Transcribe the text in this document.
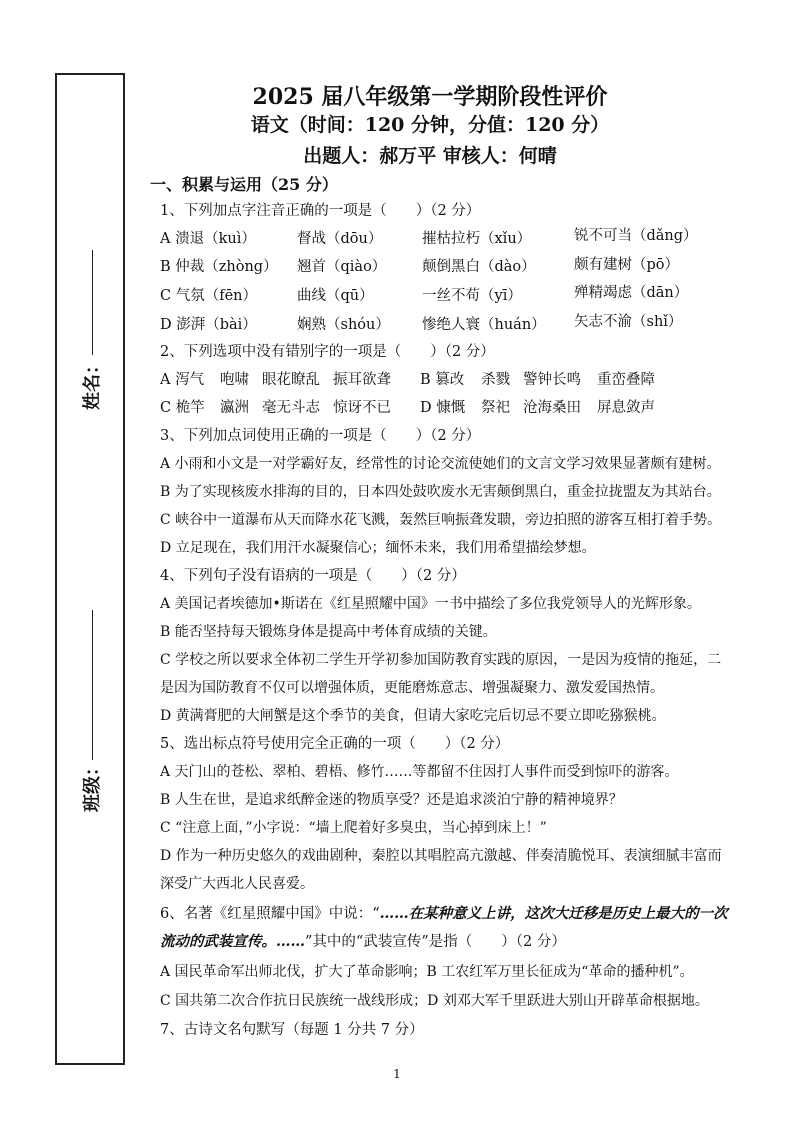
姓名：
班级：
2025 届八年级第一学期阶段性评价
语文（时间：120 分钟，分值：120 分）
出题人：郝万平 审核人：何晴
一、积累与运用（25 分）
1、下列加点字注音正确的一项是（　　）（2 分）
A 溃退（kuì）	督战（dōu）	摧枯拉朽（xǐu）	锐不可当（dǎng）
B 仲裁（zhòng） 翘首（qiào） 颠倒黑白（dào）	颇有建树（pō）
C 气氛（fēn）	曲线（qū）	一丝不苟（yī）	殚精竭虑（dān）
D 澎湃（bài）	娴熟（shóu） 惨绝人寰（huán） 矢志不渝（shǐ）
2、下列选项中没有错别字的一项是（　　）（2 分）
A 泻气 咆啸 眼花瞭乱 振耳欲聋 B 篡改 杀戮 警钟长鸣 重峦叠障
C 桅竿 瀛洲 毫无斗志 惊讶不已 D 慷慨 祭祀 沧海桑田 屏息敛声
3、下列加点词使用正确的一项是（　　）（2 分）
A 小雨和小文是一对学霸好友，经常性的讨论交流使她们的文言文学习效果显著颇有建树。
B 为了实现核废水排海的目的，日本四处鼓吹废水无害颠倒黑白，重金拉拢盟友为其站台。
C 峡谷中一道瀑布从天而降水花飞溅，轰然巨响振聋发聩，旁边拍照的游客互相打着手势。
D 立足现在，我们用汗水凝聚信心；缅怀未来，我们用希望描绘梦想。
4、下列句子没有语病的一项是（　　）（2 分）
A 美国记者埃德加•斯诺在《红星照耀中国》一书中描绘了多位我党领导人的光辉形象。
B 能否坚持每天锻炼身体是提高中考体育成绩的关键。
C 学校之所以要求全体初二学生开学初参加国防教育实践的原因，一是因为疫情的拖延，二
是因为国防教育不仅可以增强体质，更能磨炼意志、增强凝聚力、激发爱国热情。
D 黄满膏肥的大闸蟹是这个季节的美食，但请大家吃完后切忌不要立即吃猕猴桃。
5、选出标点符号使用完全正确的一项（　　）（2 分）
A 天门山的苍松、翠柏、碧梧、修竹……等都留不住因打人事件而受到惊吓的游客。
B 人生在世，是追求纸醉金迷的物质享受？还是追求淡泊宁静的精神境界？
C “注意上面，”小字说：“墙上爬着好多臭虫，当心掉到床上！”
D 作为一种历史悠久的戏曲剧种，秦腔以其唱腔高亢激越、伴奏清脆悦耳、表演细腻丰富而
深受广大西北人民喜爱。
6、名著《红星照耀中国》中说：“……在某种意义上讲，这次大迁移是历史上最大的一次
流动的武装宣传。……”其中的“武装宣传”是指（　　）（2 分）
A 国民革命军出师北伐，扩大了革命影响；B 工农红军万里长征成为“革命的播种机”。
C 国共第二次合作抗日民族统一战线形成；D 刘邓大军千里跃进大别山开辟革命根据地。
7、古诗文名句默写（每题 1 分共 7 分）
1
